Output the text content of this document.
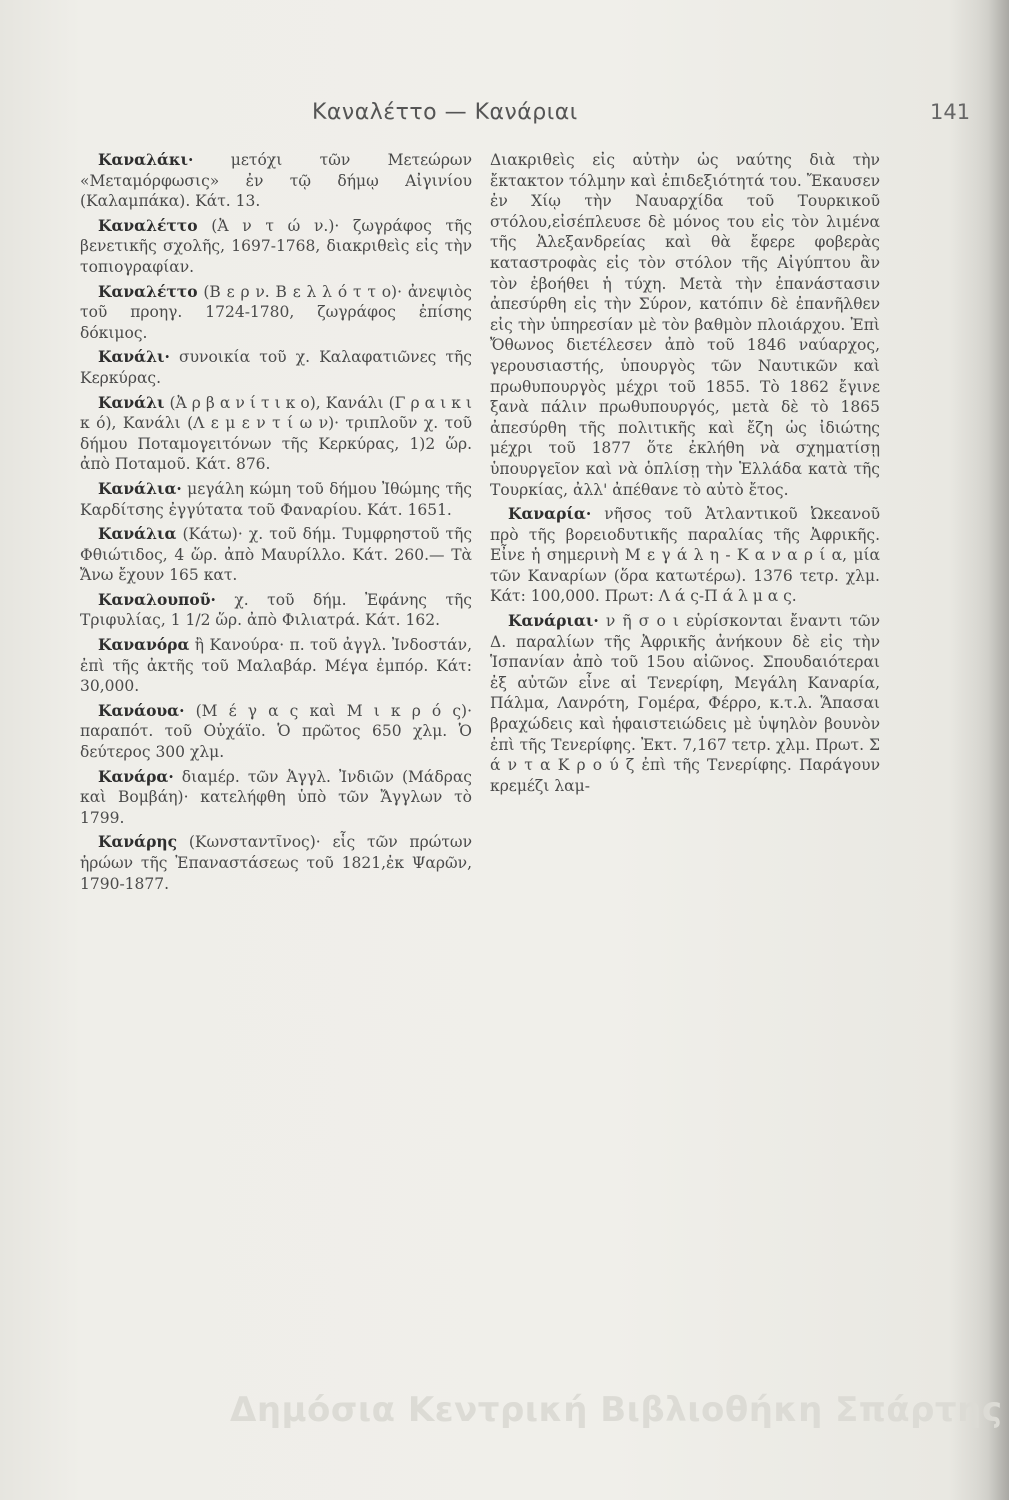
Καναλέττο — Κανάριαι	141

Καναλάκι· μετόχι τῶν Μετεώρων «Μεταμόρφωσις» ἐν τῷ δήμῳ Αἰγινίου (Καλαμπάκα). Κάτ. 13.

Καναλέττο (Ἀ ν τ ώ ν.)· ζωγράφος τῆς βενετικῆς σχολῆς, 1697-1768, διακριθεὶς εἰς τὴν τοπιογραφίαν.

Καναλέττο (Β ε ρ ν. Β ε λ λ ό τ τ ο)· ἀνεψιὸς τοῦ προηγ. 1724-1780, ζωγράφος ἐπίσης δόκιμος.

Κανάλι· συνοικία τοῦ χ. Καλαφατιῶνες τῆς Κερκύρας.

Κανάλι (Ἀ ρ β α ν ί τ ι κ ο), Κανάλι (Γ ρ α ι κ ι κ ό), Κανάλι (Λ ε μ ε ν τ ί ω ν)· τριπλοῦν χ. τοῦ δήμου Ποταμογειτόνων τῆς Κερκύρας, 1)2 ὥρ. ἀπὸ Ποταμοῦ. Κάτ. 876.

Κανάλια· μεγάλη κώμη τοῦ δήμου Ἰθώμης τῆς Καρδίτσης ἐγγύτατα τοῦ Φαναρίου. Κάτ. 1651.

Κανάλια (Κάτω)· χ. τοῦ δήμ. Τυμφρηστοῦ τῆς Φθιώτιδος, 4 ὥρ. ἀπὸ Μαυρίλλο. Κάτ. 260.— Τὰ Ἄνω ἔχουν 165 κατ.

Καναλουποῦ· χ. τοῦ δήμ. Ἐφάνης τῆς Τριφυλίας, 1 1/2 ὥρ. ἀπὸ Φιλιατρά. Κάτ. 162.

Κανανόρα ἢ Κανούρα· π. τοῦ ἀγγλ. Ἰνδοστάν, ἐπὶ τῆς ἀκτῆς τοῦ Μαλαβάρ. Μέγα ἐμπόρ. Κάτ: 30,000.

Κανάουα· (Μ έ γ α ς καὶ Μ ι κ ρ ό ς)· παραπότ. τοῦ Οὐχάϊο. Ὁ πρῶτος 650 χλμ. Ὁ δεύτερος 300 χλμ.

Κανάρα· διαμέρ. τῶν Ἀγγλ. Ἰνδιῶν (Μάδρας καὶ Βομβάη)· κατελήφθη ὑπὸ τῶν Ἄγγλων τὸ 1799.

Κανάρης (Κωνσταντῖνος)· εἷς τῶν πρώτων ἡρώων τῆς Ἐπαναστάσεως τοῦ 1821,ἐκ Ψαρῶν, 1790-1877.

Διακριθεὶς εἰς αὐτὴν ὡς ναύτης διὰ τὴν ἔκτακτον τόλμην καὶ ἐπιδεξιότητά του. Ἔκαυσεν ἐν Χίῳ τὴν Ναυαρχίδα τοῦ Τουρκικοῦ στόλου,εἰσέπλευσε δὲ μόνος του εἰς τὸν λιμένα τῆς Ἀλεξανδρείας καὶ θὰ ἔφερε φοβερὰς καταστροφὰς εἰς τὸν στόλον τῆς Αἰγύπτου ἂν τὸν ἐβοήθει ἡ τύχη. Μετὰ τὴν ἐπανάστασιν ἀπεσύρθη εἰς τὴν Σύρον, κατόπιν δὲ ἐπανῆλθεν εἰς τὴν ὑπηρεσίαν μὲ τὸν βαθμὸν πλοιάρχου. Ἐπὶ Ὄθωνος διετέλεσεν ἀπὸ τοῦ 1846 ναύαρχος, γερουσιαστής, ὑπουργὸς τῶν Ναυτικῶν καὶ πρωθυπουργὸς μέχρι τοῦ 1855. Τὸ 1862 ἔγινε ξανὰ πάλιν πρωθυπουργός, μετὰ δὲ τὸ 1865 ἀπεσύρθη τῆς πολιτικῆς καὶ ἔζη ὡς ἰδιώτης μέχρι τοῦ 1877 ὅτε ἐκλήθη νὰ σχηματίσῃ ὑπουργεῖον καὶ νὰ ὁπλίσῃ τὴν Ἑλλάδα κατὰ τῆς Τουρκίας, ἀλλ' ἀπέθανε τὸ αὐτὸ ἔτος.

Καναρία· νῆσος τοῦ Ἀτλαντικοῦ Ὠκεανοῦ πρὸ τῆς βορειοδυτικῆς παραλίας τῆς Ἀφρικῆς. Εἶνε ἡ σημερινὴ Μ ε γ ά λ η - Κ α ν α ρ ί α, μία τῶν Καναρίων (ὅρα κατωτέρω). 1376 τετρ. χλμ. Κάτ: 100,000. Πρωτ: Λ ά ς-Π ά λ μ α ς.

Κανάριαι· ν ῆ σ ο ι εὑρίσκονται ἔναντι τῶν Δ. παραλίων τῆς Ἀφρικῆς ἀνήκουν δὲ εἰς τὴν Ἱσπανίαν ἀπὸ τοῦ 15ου αἰῶνος. Σπουδαιότεραι ἐξ αὐτῶν εἶνε αἱ Τενερίφη, Μεγάλη Καναρία, Πάλμα, Λανρότη, Γομέρα, Φέρρο, κ.τ.λ. Ἅπασαι βραχώδεις καὶ ἡφαιστειώδεις μὲ ὑψηλὸν βουνὸν ἐπὶ τῆς Τενερίφης. Ἐκτ. 7,167 τετρ. χλμ. Πρωτ. Σ ά ν τ α Κ ρ ο ύ ζ ἐπὶ τῆς Τενερίφης. Παράγουν κρεμέζι λαμ-

Δημόσια Κεντρική Βιβλιοθήκη Σπάρτης
